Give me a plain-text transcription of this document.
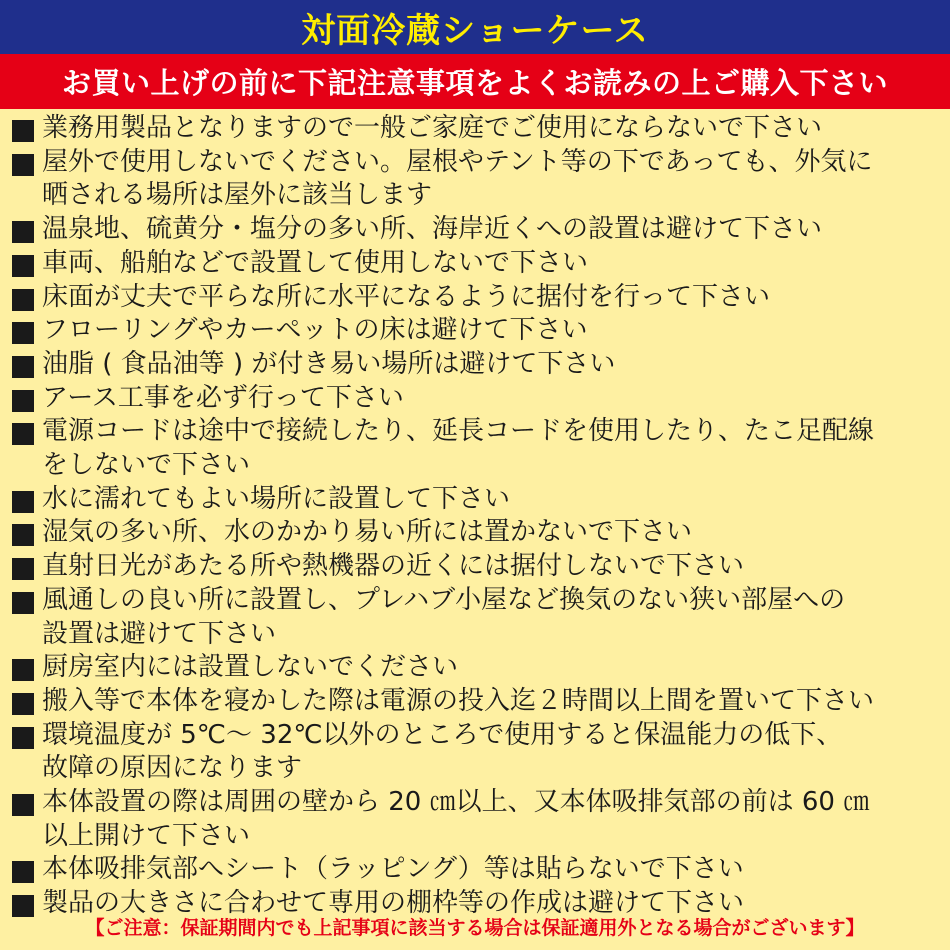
対面冷蔵ショーケース
お買い上げの前に下記注意事項をよくお読みの上ご購入下さい
業務用製品となりますので一般ご家庭でご使用にならないで下さい
屋外で使用しないでください。屋根やテント等の下であっても、外気に
晒される場所は屋外に該当します
温泉地、硫黄分・塩分の多い所、海岸近くへの設置は避けて下さい
車両、船舶などで設置して使用しないで下さい
床面が丈夫で平らな所に水平になるように据付を行って下さい
フローリングやカーペットの床は避けて下さい
油脂 ( 食品油等 ) が付き易い場所は避けて下さい
アース工事を必ず行って下さい
電源コードは途中で接続したり、延長コードを使用したり、たこ足配線
をしないで下さい
水に濡れてもよい場所に設置して下さい
湿気の多い所、水のかかり易い所には置かないで下さい
直射日光があたる所や熱機器の近くには据付しないで下さい
風通しの良い所に設置し、プレハブ小屋など換気のない狭い部屋への
設置は避けて下さい
厨房室内には設置しないでください
搬入等で本体を寝かした際は電源の投入迄２時間以上間を置いて下さい
環境温度が 5℃～ 32℃以外のところで使用すると保温能力の低下、
故障の原因になります
本体設置の際は周囲の壁から 20 ㎝以上、又本体吸排気部の前は 60 ㎝
以上開けて下さい
本体吸排気部へシート（ラッピング）等は貼らないで下さい
製品の大きさに合わせて専用の棚枠等の作成は避けて下さい
【ご注意：保証期間内でも上記事項に該当する場合は保証適用外となる場合がございます】
